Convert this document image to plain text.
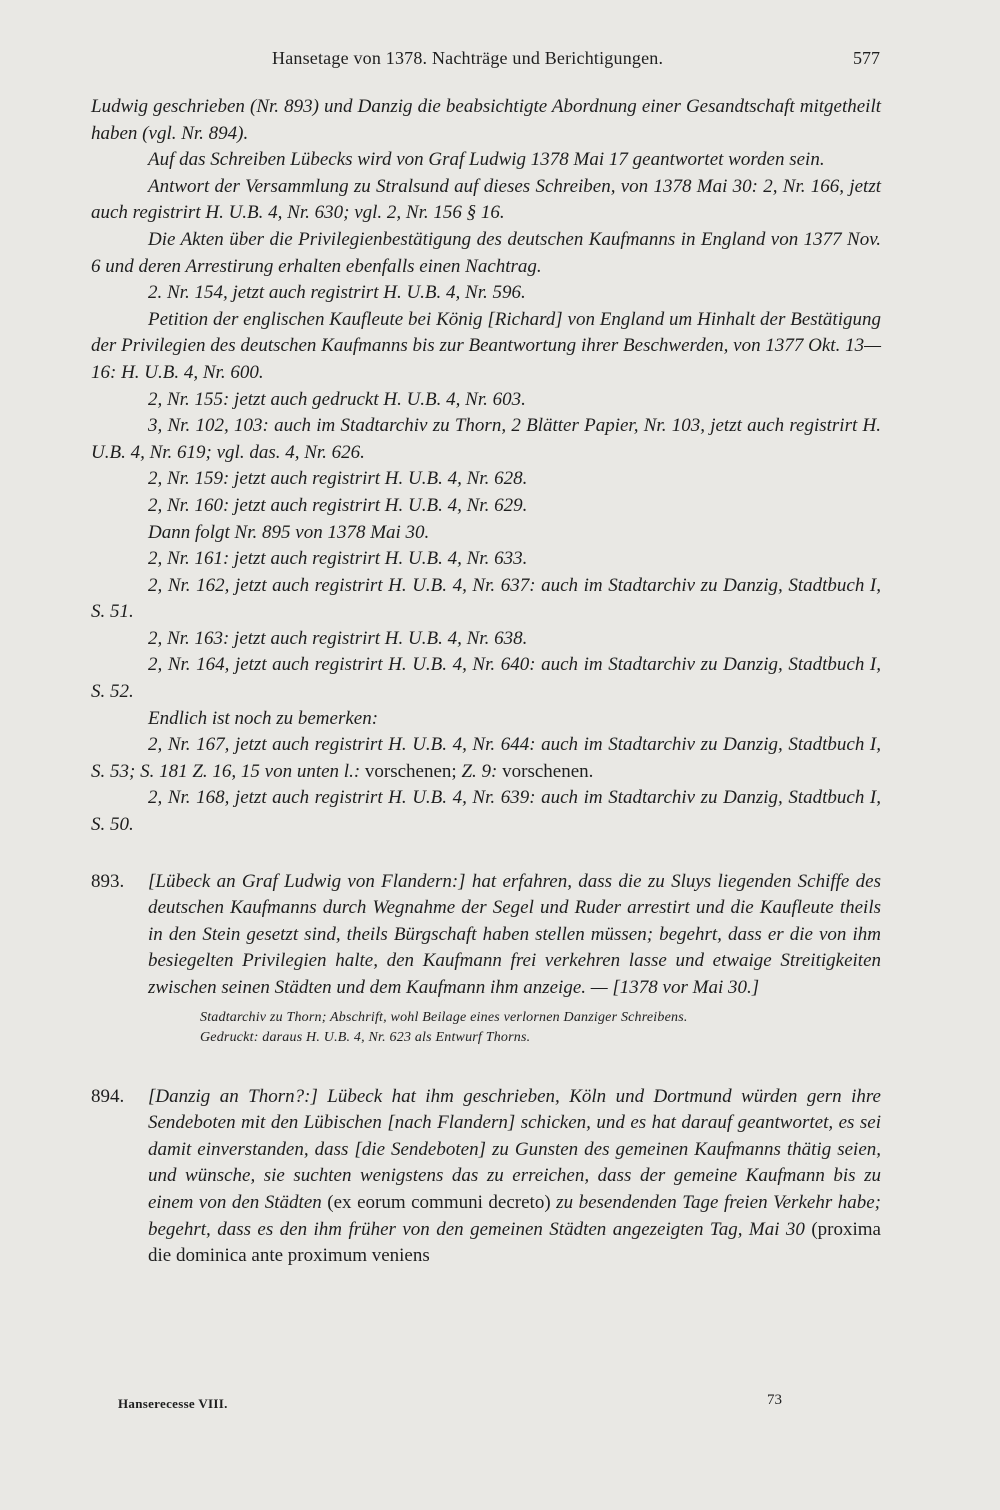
Hansetage von 1378. Nachträge und Berichtigungen.	577

Ludwig geschrieben (Nr. 893) und Danzig die beabsichtigte Abordnung einer Gesandtschaft mitgetheilt haben (vgl. Nr. 894).

Auf das Schreiben Lübecks wird von Graf Ludwig 1378 Mai 17 geantwortet worden sein.

Antwort der Versammlung zu Stralsund auf dieses Schreiben, von 1378 Mai 30: 2, Nr. 166, jetzt auch registrirt H. U.B. 4, Nr. 630; vgl. 2, Nr. 156 § 16.

Die Akten über die Privilegienbestätigung des deutschen Kaufmanns in England von 1377 Nov. 6 und deren Arrestirung erhalten ebenfalls einen Nachtrag.

2. Nr. 154, jetzt auch registrirt H. U.B. 4, Nr. 596.

Petition der englischen Kaufleute bei König [Richard] von England um Hinhalt der Bestätigung der Privilegien des deutschen Kaufmanns bis zur Beantwortung ihrer Beschwerden, von 1377 Okt. 13—16: H. U.B. 4, Nr. 600.

2, Nr. 155: jetzt auch gedruckt H. U.B. 4, Nr. 603.

3, Nr. 102, 103: auch im Stadtarchiv zu Thorn, 2 Blätter Papier, Nr. 103, jetzt auch registrirt H. U.B. 4, Nr. 619; vgl. das. 4, Nr. 626.

2, Nr. 159: jetzt auch registrirt H. U.B. 4, Nr. 628.

2, Nr. 160: jetzt auch registrirt H. U.B. 4, Nr. 629.

Dann folgt Nr. 895 von 1378 Mai 30.

2, Nr. 161: jetzt auch registrirt H. U.B. 4, Nr. 633.

2, Nr. 162, jetzt auch registrirt H. U.B. 4, Nr. 637: auch im Stadtarchiv zu Danzig, Stadtbuch I, S. 51.

2, Nr. 163: jetzt auch registrirt H. U.B. 4, Nr. 638.

2, Nr. 164, jetzt auch registrirt H. U.B. 4, Nr. 640: auch im Stadtarchiv zu Danzig, Stadtbuch I, S. 52.

Endlich ist noch zu bemerken:

2, Nr. 167, jetzt auch registrirt H. U.B. 4, Nr. 644: auch im Stadtarchiv zu Danzig, Stadtbuch I, S. 53; S. 181 Z. 16, 15 von unten l.: vorschenen; Z. 9: vorschenen.

2, Nr. 168, jetzt auch registrirt H. U.B. 4, Nr. 639: auch im Stadtarchiv zu Danzig, Stadtbuch I, S. 50.

893. [Lübeck an Graf Ludwig von Flandern:] hat erfahren, dass die zu Sluys liegenden Schiffe des deutschen Kaufmanns durch Wegnahme der Segel und Ruder arrestirt und die Kaufleute theils in den Stein gesetzt sind, theils Bürgschaft haben stellen müssen; begehrt, dass er die von ihm besiegelten Privilegien halte, den Kaufmann frei verkehren lasse und etwaige Streitigkeiten zwischen seinen Städten und dem Kaufmann ihm anzeige. — [1378 vor Mai 30.]

Stadtarchiv zu Thorn; Abschrift, wohl Beilage eines verlornen Danziger Schreibens.
Gedruckt: daraus H. U.B. 4, Nr. 623 als Entwurf Thorns.

894. [Danzig an Thorn?:] Lübeck hat ihm geschrieben, Köln und Dortmund würden gern ihre Sendeboten mit den Lübischen [nach Flandern] schicken, und es hat darauf geantwortet, es sei damit einverstanden, dass [die Sendeboten] zu Gunsten des gemeinen Kaufmanns thätig seien, und wünsche, sie suchten wenigstens das zu erreichen, dass der gemeine Kaufmann bis zu einem von den Städten (ex eorum communi decreto) zu besendenden Tage freien Verkehr habe; begehrt, dass es den ihm früher von den gemeinen Städten angezeigten Tag, Mai 30 (proxima die dominica ante proximum veniens

Hanserecesse VIII.	73
